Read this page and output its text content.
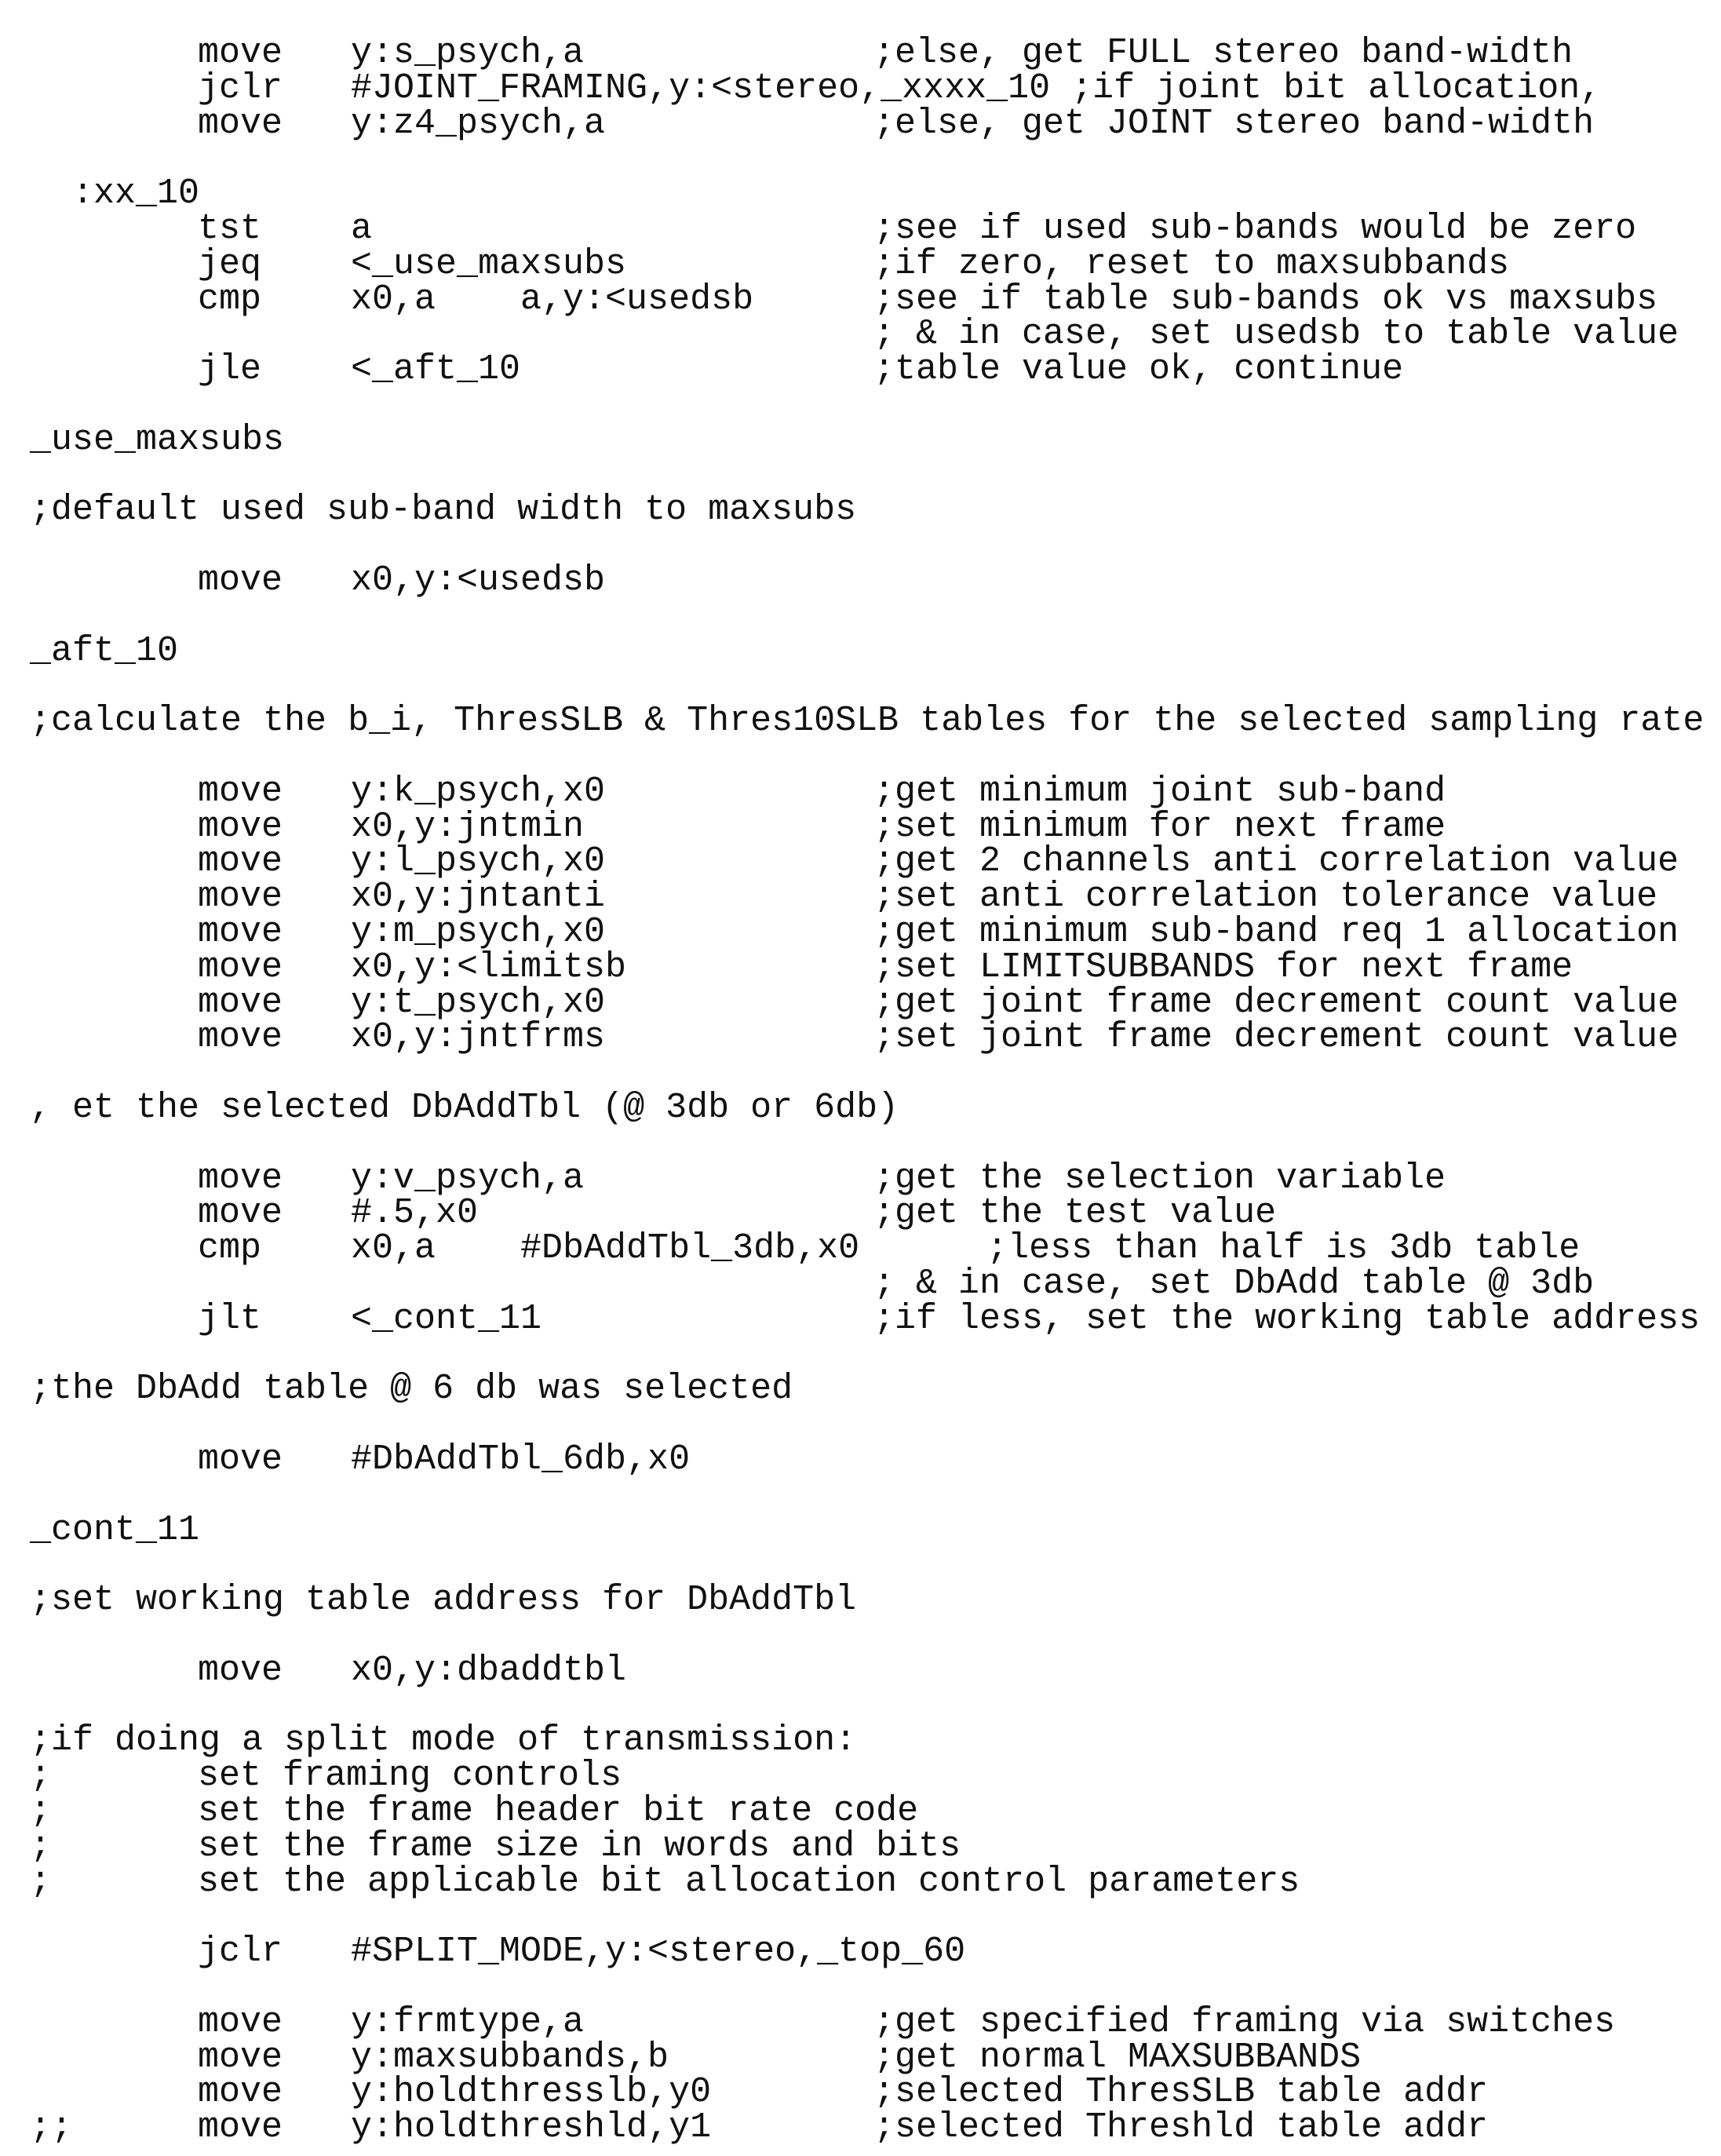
move y:s_psych,a	;else, get FULL stereo band-width
jclr #JOINT_FRAMING,y:<stereo,_xxxx_10 ;if joint bit allocation,
move y:z4_psych,a	;else, get JOINT stereo band-width
:xx_10
tst	a	;see if used sub-bands would be zero
jeq	<_use_maxsubs	;if zero, reset to maxsubbands
cmp	x0,a    a,y:<usedsb	;see if table sub-bands ok vs maxsubs
; & in case, set usedsb to table value
jle	<_aft_10	;table value ok, continue
_use_maxsubs
;default used sub-band width to maxsubs
move x0,y:<usedsb
_aft_10
;calculate the b_i, ThresSLB & Thres10SLB tables for the selected sampling rate
move y:k_psych,x0	;get minimum joint sub-band
move x0,y:jntmin	;set minimum for next frame
move y:l_psych,x0	;get 2 channels anti correlation value
move x0,y:jntanti	;set anti correlation tolerance value
move y:m_psych,x0	;get minimum sub-band req 1 allocation
move x0,y:<limitsb	;set LIMITSUBBANDS for next frame
move y:t_psych,x0	;get joint frame decrement count value
move x0,y:jntfrms	;set joint frame decrement count value
, et the selected DbAddTbl (@ 3db or 6db)
move y:v_psych,a	;get the selection variable
move #.5,x0	;get the test value
cmp	x0,a    #DbAddTbl_3db,x0      ;less than half is 3db table
; & in case, set DbAdd table @ 3db
jlt	<_cont_11	;if less, set the working table address
;the DbAdd table @ 6 db was selected
move #DbAddTbl_6db,x0
_cont_11
;set working table address for DbAddTbl
move x0,y:dbaddtbl
;if doing a split mode of transmission:
;	set framing controls
;	set the frame header bit rate code
;	set the frame size in words and bits
;	set the applicable bit allocation control parameters
jclr #SPLIT_MODE,y:<stereo,_top_60
move y:frmtype,a	;get specified framing via switches
move y:maxsubbands,b	;get normal MAXSUBBANDS
move y:holdthresslb,y0	;selected ThresSLB table addr
;;	move y:holdthreshld,y1	;selected Threshld table addr
